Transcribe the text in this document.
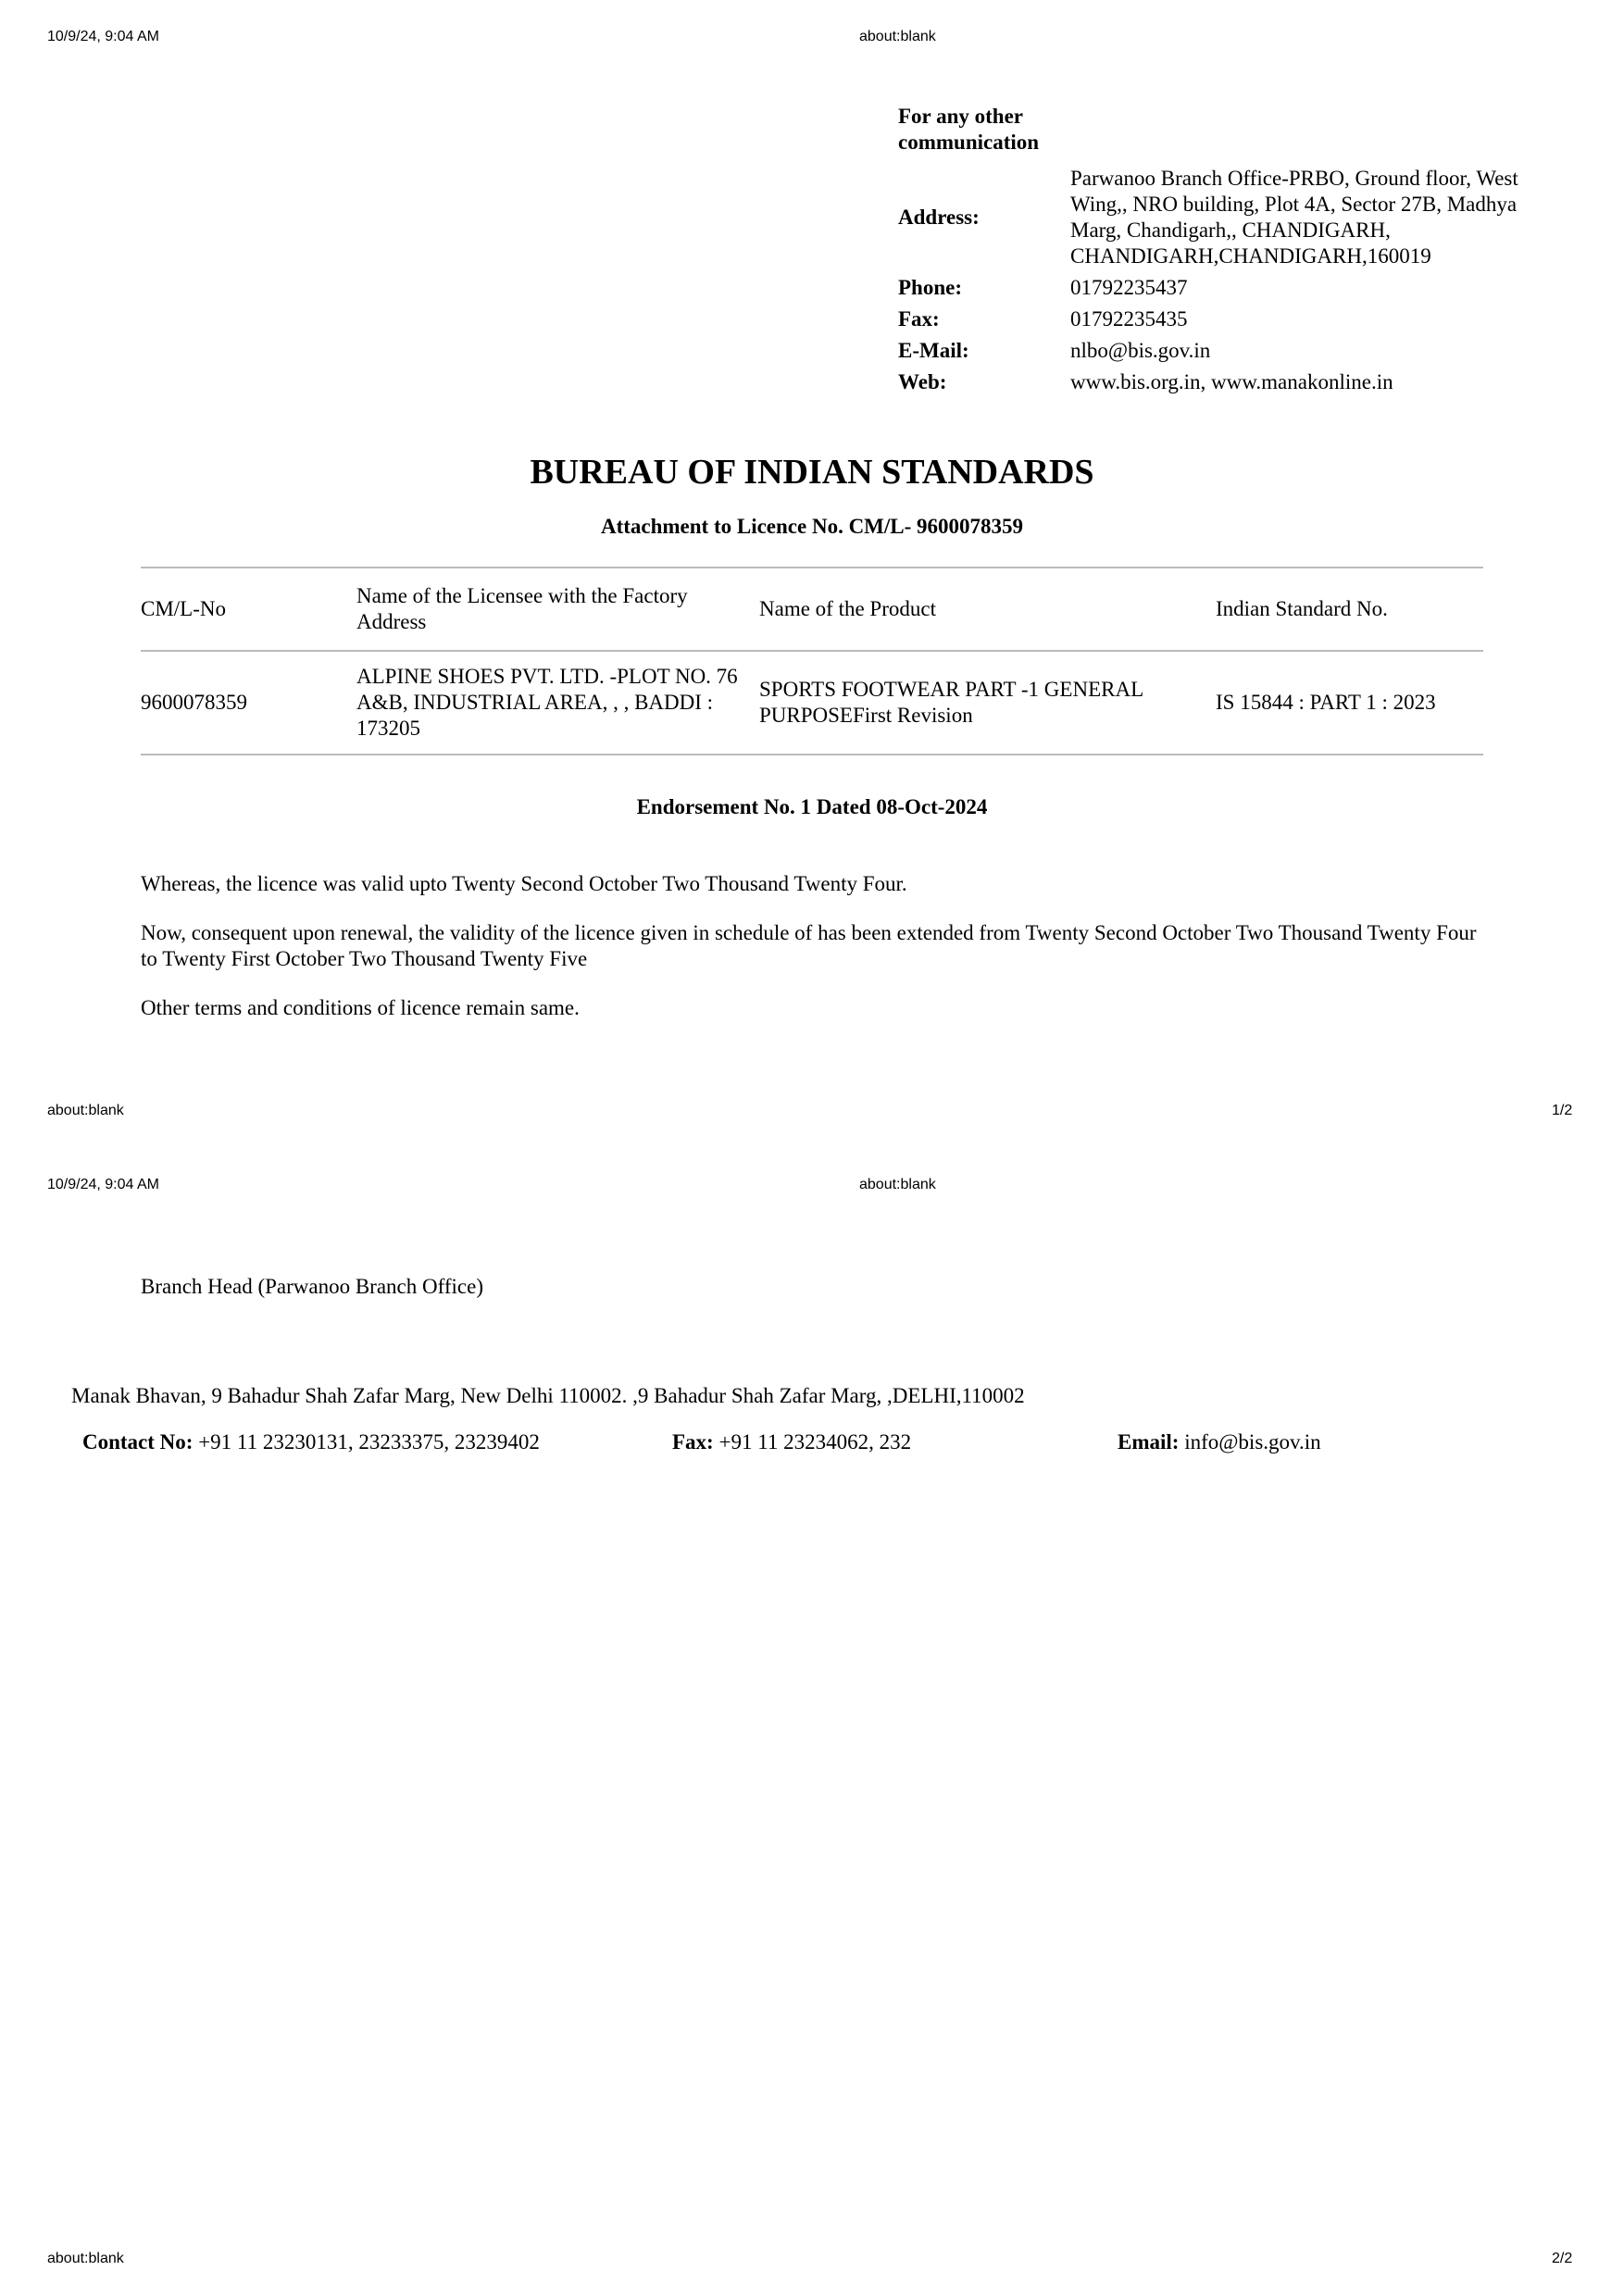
10/9/24, 9:04 AM	about:blank
For any other communication
Address:	Parwanoo Branch Office-PRBO, Ground floor, West Wing,, NRO building, Plot 4A, Sector 27B, Madhya Marg, Chandigarh,, CHANDIGARH, CHANDIGARH,CHANDIGARH,160019
Phone:	01792235437
Fax:	01792235435
E-Mail:	nlbo@bis.gov.in
Web:	www.bis.org.in, www.manakonline.in
BUREAU OF INDIAN STANDARDS
Attachment to Licence No. CM/L- 9600078359
CM/L-No	Name of the Licensee with the Factory Address	Name of the Product	Indian Standard No.
9600078359	ALPINE SHOES PVT. LTD. -PLOT NO. 76 A&B, INDUSTRIAL AREA, , , BADDI : 173205	SPORTS FOOTWEAR PART -1 GENERAL PURPOSEFirst Revision	IS 15844 : PART 1 : 2023
Endorsement No. 1 Dated 08-Oct-2024

Whereas, the licence was valid upto Twenty Second October Two Thousand Twenty Four.

Now, consequent upon renewal, the validity of the licence given in schedule of has been extended from Twenty Second October Two Thousand Twenty Four to Twenty First October Two Thousand Twenty Five

Other terms and conditions of licence remain same.

about:blank	1/2
10/9/24, 9:04 AM	about:blank
Branch Head (Parwanoo Branch Office)
Manak Bhavan, 9 Bahadur Shah Zafar Marg, New Delhi 110002. ,9 Bahadur Shah Zafar Marg, ,DELHI,110002
Contact No: +91 11 23230131, 23233375, 23239402	Fax: +91 11 23234062, 232	Email: info@bis.gov.in
about:blank	2/2
